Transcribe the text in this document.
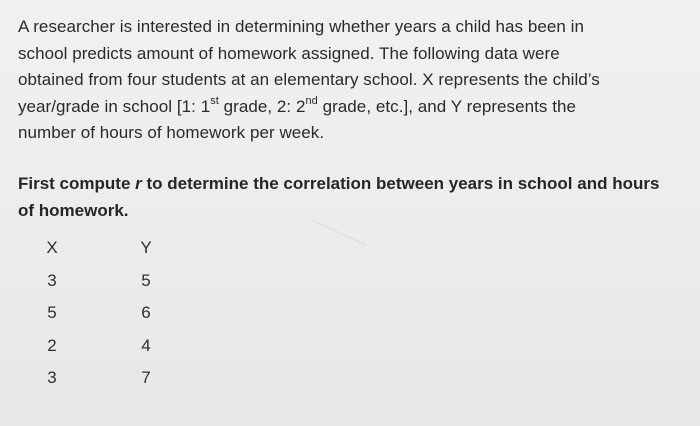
A researcher is interested in determining whether years a child has been in

school predicts amount of homework assigned. The following data were

obtained from four students at an elementary school. X represents the child’s

year/grade in school [1: 1st grade, 2: 2nd grade, etc.], and Y represents the

number of hours of homework per week.

First compute r to determine the correlation between years in school and hours
of homework.
X	Y
3	5
5	6
2	4
3	7
